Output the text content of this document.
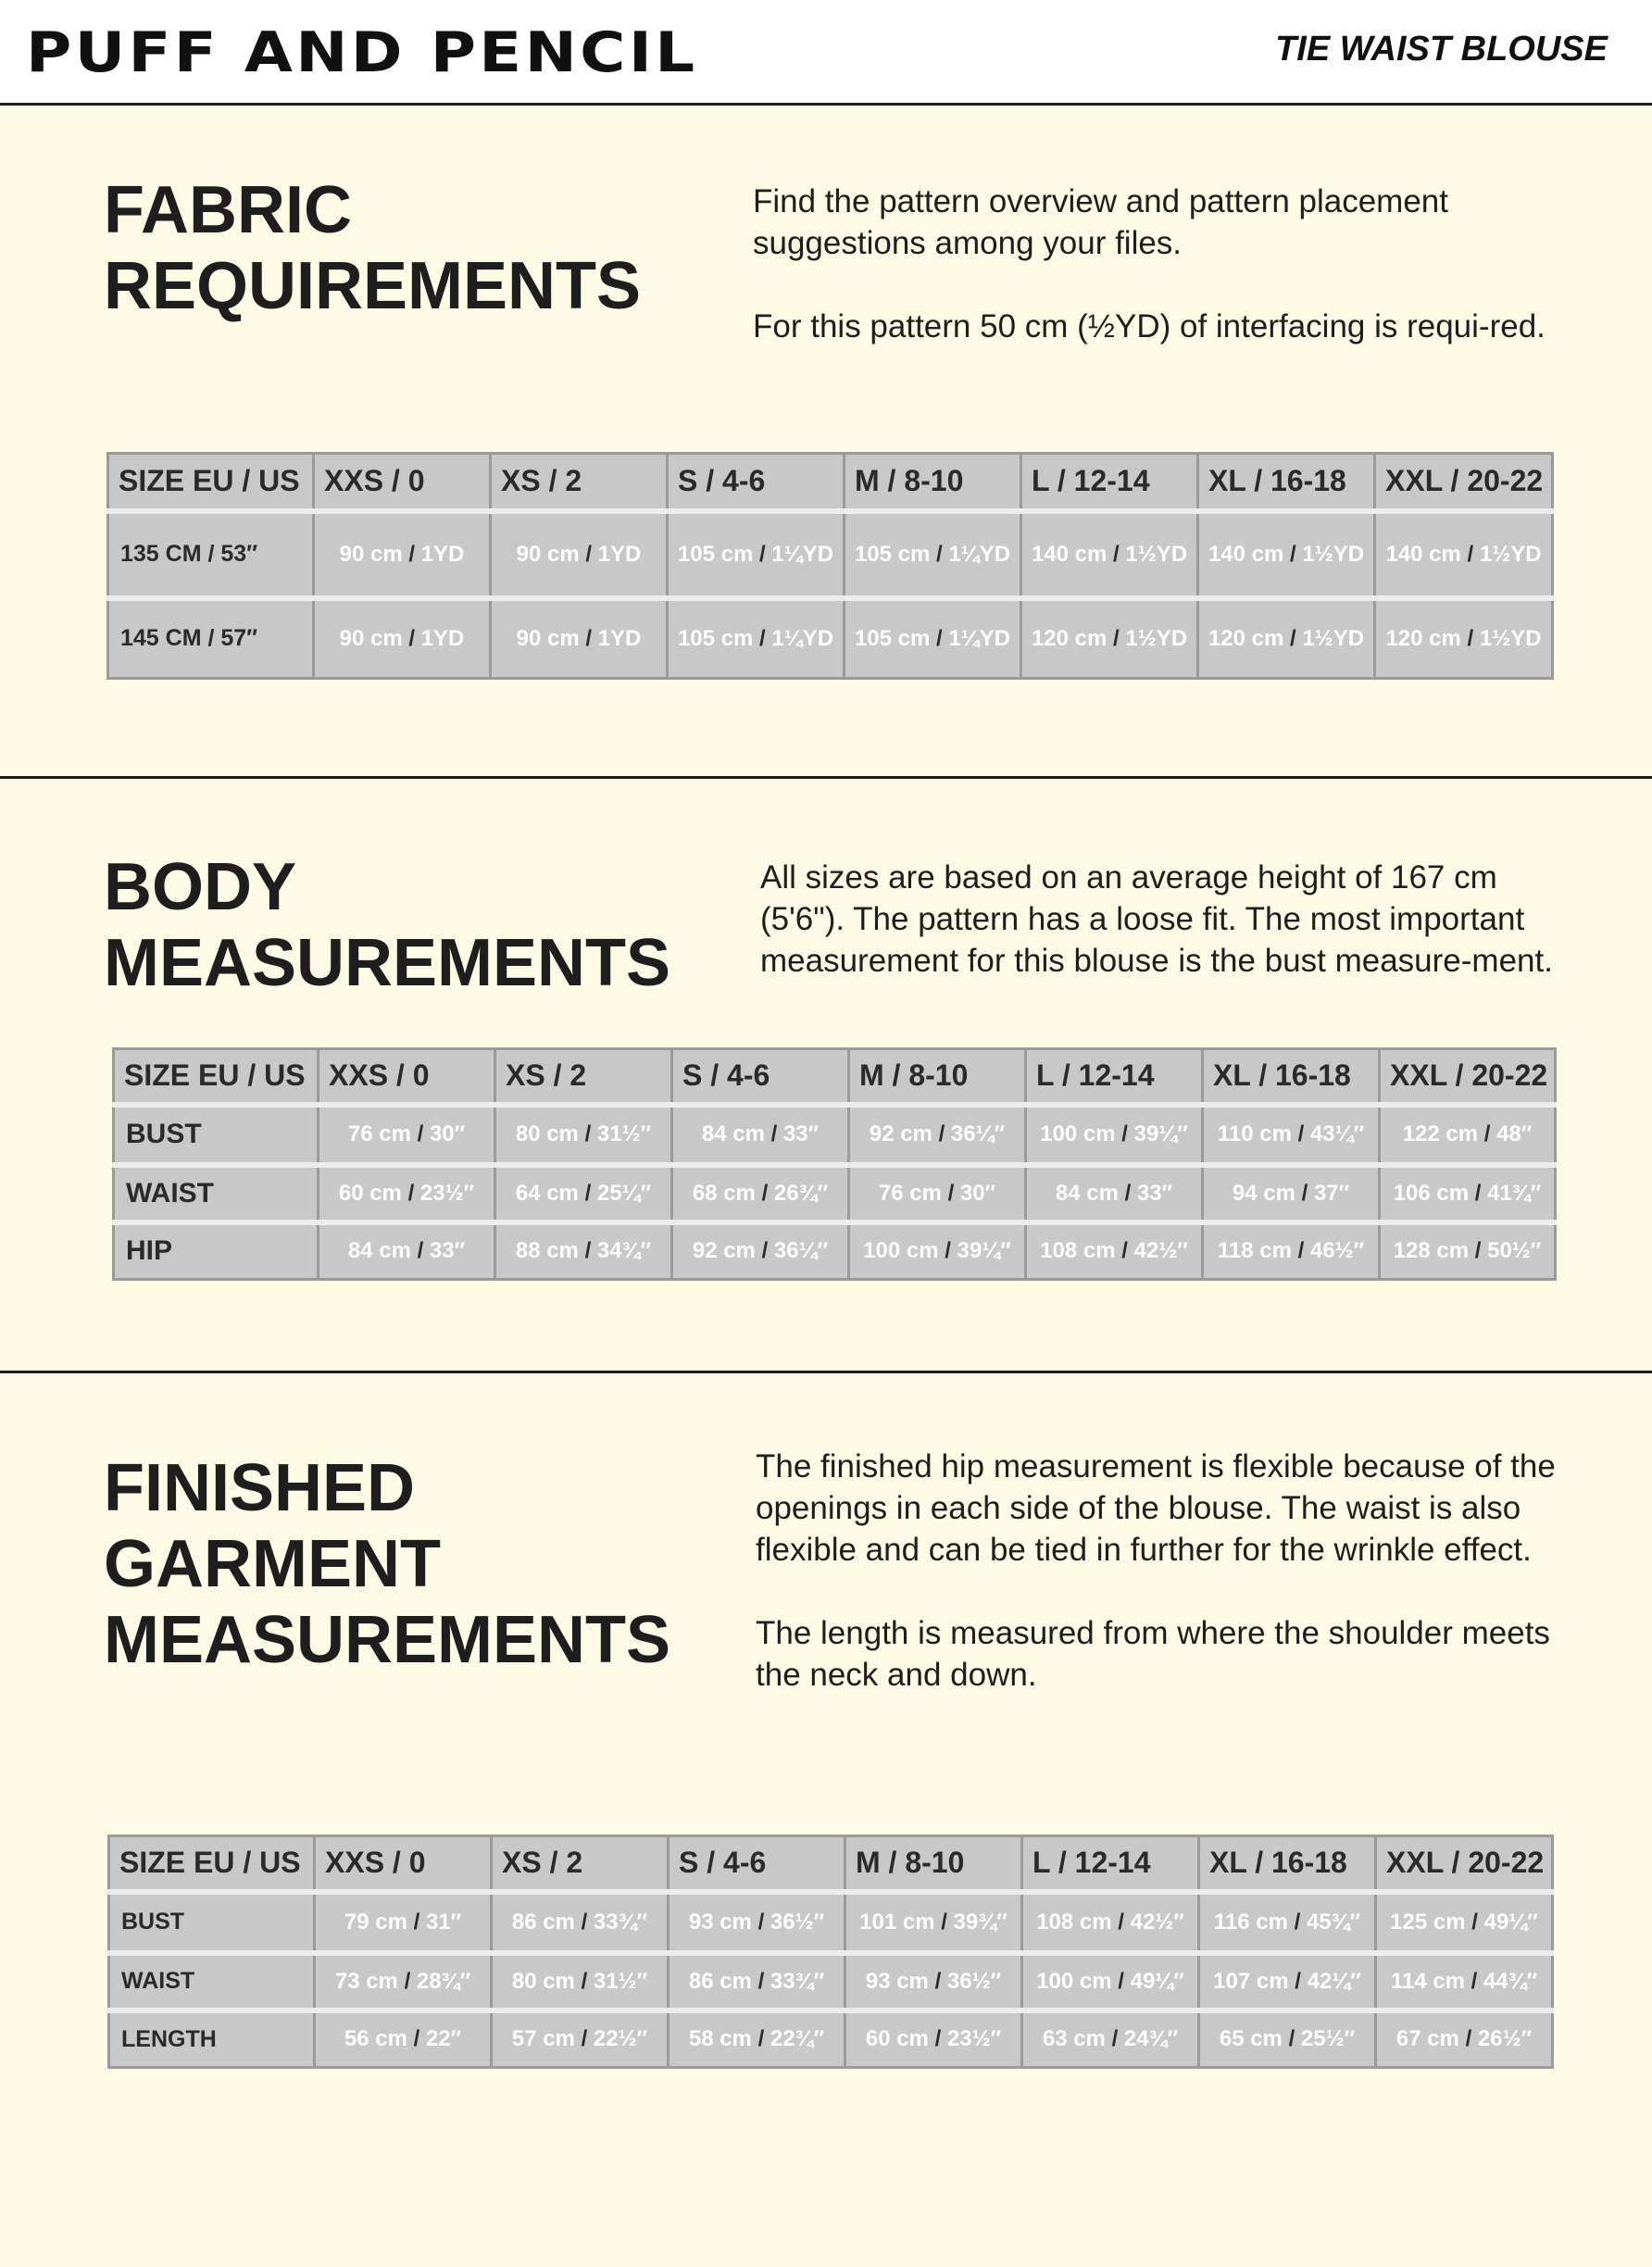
PUFF AND PENCIL	TIE WAIST BLOUSE
FABRIC
REQUIREMENTS

Find the pattern overview and pattern placement suggestions among your files.

For this pattern 50 cm (½YD) of interfacing is requi-red.

SIZE EU / US	XXS / 0	XS / 2	S / 4-6	M / 8-10	L / 12-14	XL / 16-18	XXL / 20-22
135 CM / 53″	90 cm / 1YD	90 cm / 1YD	105 cm / 1¼YD	105 cm / 1¼YD	140 cm / 1½YD	140 cm / 1½YD	140 cm / 1½YD
145 CM / 57″	90 cm / 1YD	90 cm / 1YD	105 cm / 1¼YD	105 cm / 1¼YD	120 cm / 1½YD	120 cm / 1½YD	120 cm / 1½YD
BODY
MEASUREMENTS

All sizes are based on an average height of 167 cm (5'6"). The pattern has a loose fit. The most important measurement for this blouse is the bust measure-ment.

SIZE EU / US	XXS / 0	XS / 2	S / 4-6	M / 8-10	L / 12-14	XL / 16-18	XXL / 20-22
BUST	76 cm / 30″	80 cm / 31½″	84 cm / 33″	92 cm / 36¼″	100 cm / 39¼″	110 cm / 43¼″	122 cm / 48″
WAIST	60 cm / 23½″	64 cm / 25¼″	68 cm / 26¾″	76 cm / 30″	84 cm / 33″	94 cm / 37″	106 cm / 41¾″
HIP	84 cm / 33″	88 cm / 34¾″	92 cm / 36¼″	100 cm / 39¼″	108 cm / 42½″	118 cm / 46½″	128 cm / 50½″
FINISHED
GARMENT
MEASUREMENTS

The finished hip measurement is flexible because of the openings in each side of the blouse. The waist is also flexible and can be tied in further for the wrinkle effect.

The length is measured from where the shoulder meets the neck and down.

SIZE EU / US	XXS / 0	XS / 2	S / 4-6	M / 8-10	L / 12-14	XL / 16-18	XXL / 20-22
BUST	79 cm / 31″	86 cm / 33¾″	93 cm / 36½″	101 cm / 39¾″	108 cm / 42½″	116 cm / 45¾″	125 cm / 49¼″
WAIST	73 cm / 28¾″	80 cm / 31½″	86 cm / 33¾″	93 cm / 36½″	100 cm / 49¼″	107 cm / 42¼″	114 cm / 44¾″
LENGTH	56 cm / 22″	57 cm / 22½″	58 cm / 22¾″	60 cm / 23½″	63 cm / 24¾″	65 cm / 25½″	67 cm / 26½″
